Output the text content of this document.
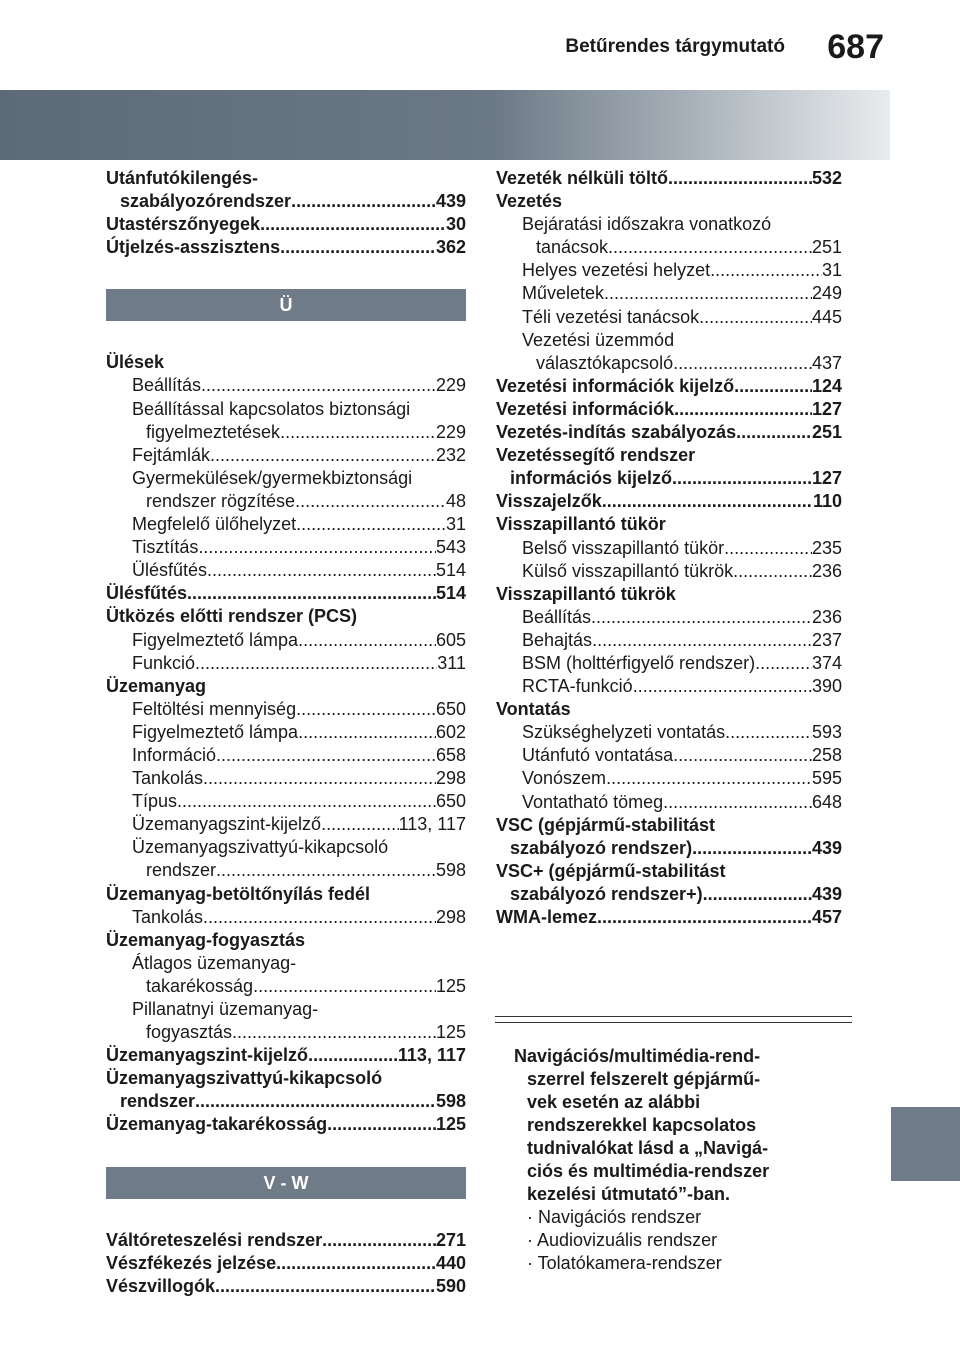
Betűrendes tárgymutató 687
Utánfutókilengés-
szabályozórendszer .....	439
Utastérszőnyegek .....	30
Útjelzés-asszisztens .....	362
Ü
Ülések
Beállítás .....	229
Beállítással kapcsolatos biztonsági
figyelmeztetések .....	229
Fejtámlák .....	232
Gyermekülések/gyermekbiztonsági
rendszer rögzítése .....	48
Megfelelő ülőhelyzet .....	31
Tisztítás .....	543
Ülésfűtés .....	514
Ülésfűtés .....	514
Ütközés előtti rendszer (PCS)
Figyelmeztető lámpa .....	605
Funkció .....	311
Üzemanyag
Feltöltési mennyiség .....	650
Figyelmeztető lámpa .....	602
Információ .....	658
Tankolás .....	298
Típus .....	650
Üzemanyagszint-kijelző .....	113, 117
Üzemanyagszivattyú-kikapcsoló
rendszer .....	598
Üzemanyag-betöltőnyílás fedél
Tankolás .....	298
Üzemanyag-fogyasztás
Átlagos üzemanyag-
takarékosság .....	125
Pillanatnyi üzemanyag-
fogyasztás .....	125
Üzemanyagszint-kijelző .....	113, 117
Üzemanyagszivattyú-kikapcsoló
rendszer .....	598
Üzemanyag-takarékosság .....	125
V - W
Váltóreteszelési rendszer .....	271
Vészfékezés jelzése .....	440
Vészvillogók .....	590
Vezeték nélküli töltő .....	532
Vezetés
Bejáratási időszakra vonatkozó
tanácsok .....	251
Helyes vezetési helyzet .....	31
Műveletek .....	249
Téli vezetési tanácsok .....	445
Vezetési üzemmód
választókapcsoló .....	437
Vezetési információk kijelző .....	124
Vezetési információk .....	127
Vezetés-indítás szabályozás .....	251
Vezetéssegítő rendszer
információs kijelző .....	127
Visszajelzők .....	110
Visszapillantó tükör
Belső visszapillantó tükör .....	235
Külső visszapillantó tükrök .....	236
Visszapillantó tükrök
Beállítás .....	236
Behajtás .....	237
BSM (holttérfigyelő rendszer) .....	374
RCTA-funkció .....	390
Vontatás
Szükséghelyzeti vontatás .....	593
Utánfutó vontatása .....	258
Vonószem .....	595
Vontatható tömeg .....	648
VSC (gépjármű-stabilitást
szabályozó rendszer) .....	439
VSC+ (gépjármű-stabilitást
szabályozó rendszer+) .....	439
WMA-lemez .....	457
Navigációs/multimédia-rend-
szerrel felszerelt gépjármű-
vek esetén az alábbi
rendszerekkel kapcsolatos
tudnivalókat lásd a „Navigá-
ciós és multimédia-rendszer
kezelési útmutató”-ban.
· Navigációs rendszer
· Audiovizuális rendszer
· Tolatókamera-rendszer
